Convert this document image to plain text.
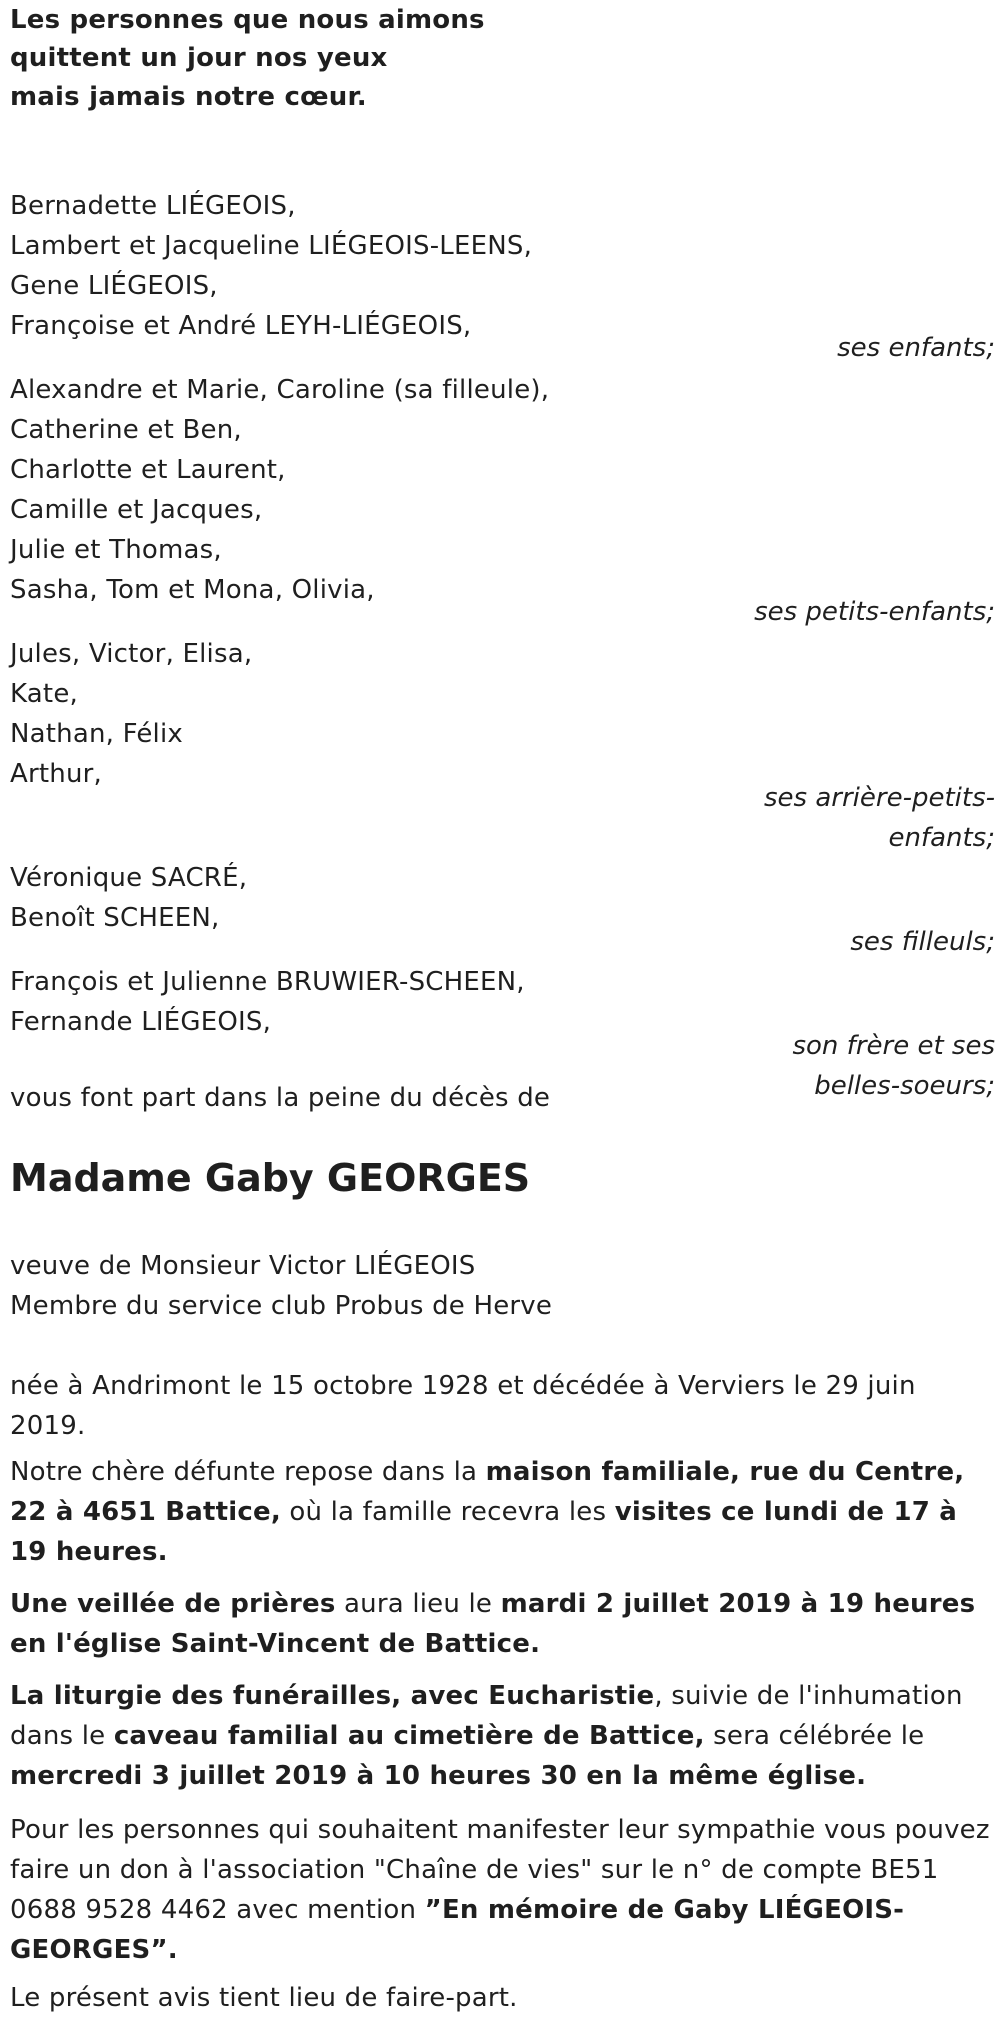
Les personnes que nous aimons
quittent un jour nos yeux
mais jamais notre cœur.
Bernadette LIÉGEOIS,
Lambert et Jacqueline LIÉGEOIS-LEENS,
Gene LIÉGEOIS,
Françoise et André LEYH-LIÉGEOIS,
ses enfants;
Alexandre et Marie, Caroline (sa filleule),
Catherine et Ben,
Charlotte et Laurent,
Camille et Jacques,
Julie et Thomas,
Sasha, Tom et Mona, Olivia,
ses petits-enfants;
Jules, Victor, Elisa,
Kate,
Nathan, Félix
Arthur,
ses arrière-petits-
enfants;
Véronique SACRÉ,
Benoît SCHEEN,
ses filleuls;
François et Julienne BRUWIER-SCHEEN,
Fernande LIÉGEOIS,
son frère et ses
belles-soeurs;
vous font part dans la peine du décès de
Madame Gaby GEORGES
veuve de Monsieur Victor LIÉGEOIS
Membre du service club Probus de Herve
née à Andrimont le 15 octobre 1928 et décédée à Verviers le 29 juin 2019.
Notre chère défunte repose dans la maison familiale, rue du Centre, 22 à 4651 Battice, où la famille recevra les visites ce lundi de 17 à 19 heures.
Une veillée de prières aura lieu le mardi 2 juillet 2019 à 19 heures en l'église Saint-Vincent de Battice.
La liturgie des funérailles, avec Eucharistie, suivie de l'inhumation dans le caveau familial au cimetière de Battice, sera célébrée le mercredi 3 juillet 2019 à 10 heures 30 en la même église.
Pour les personnes qui souhaitent manifester leur sympathie vous pouvez faire un don à l'association "Chaîne de vies" sur le n° de compte BE51 0688 9528 4462 avec mention ”En mémoire de Gaby LIÉGEOIS-GEORGES”.
Le présent avis tient lieu de faire-part.
